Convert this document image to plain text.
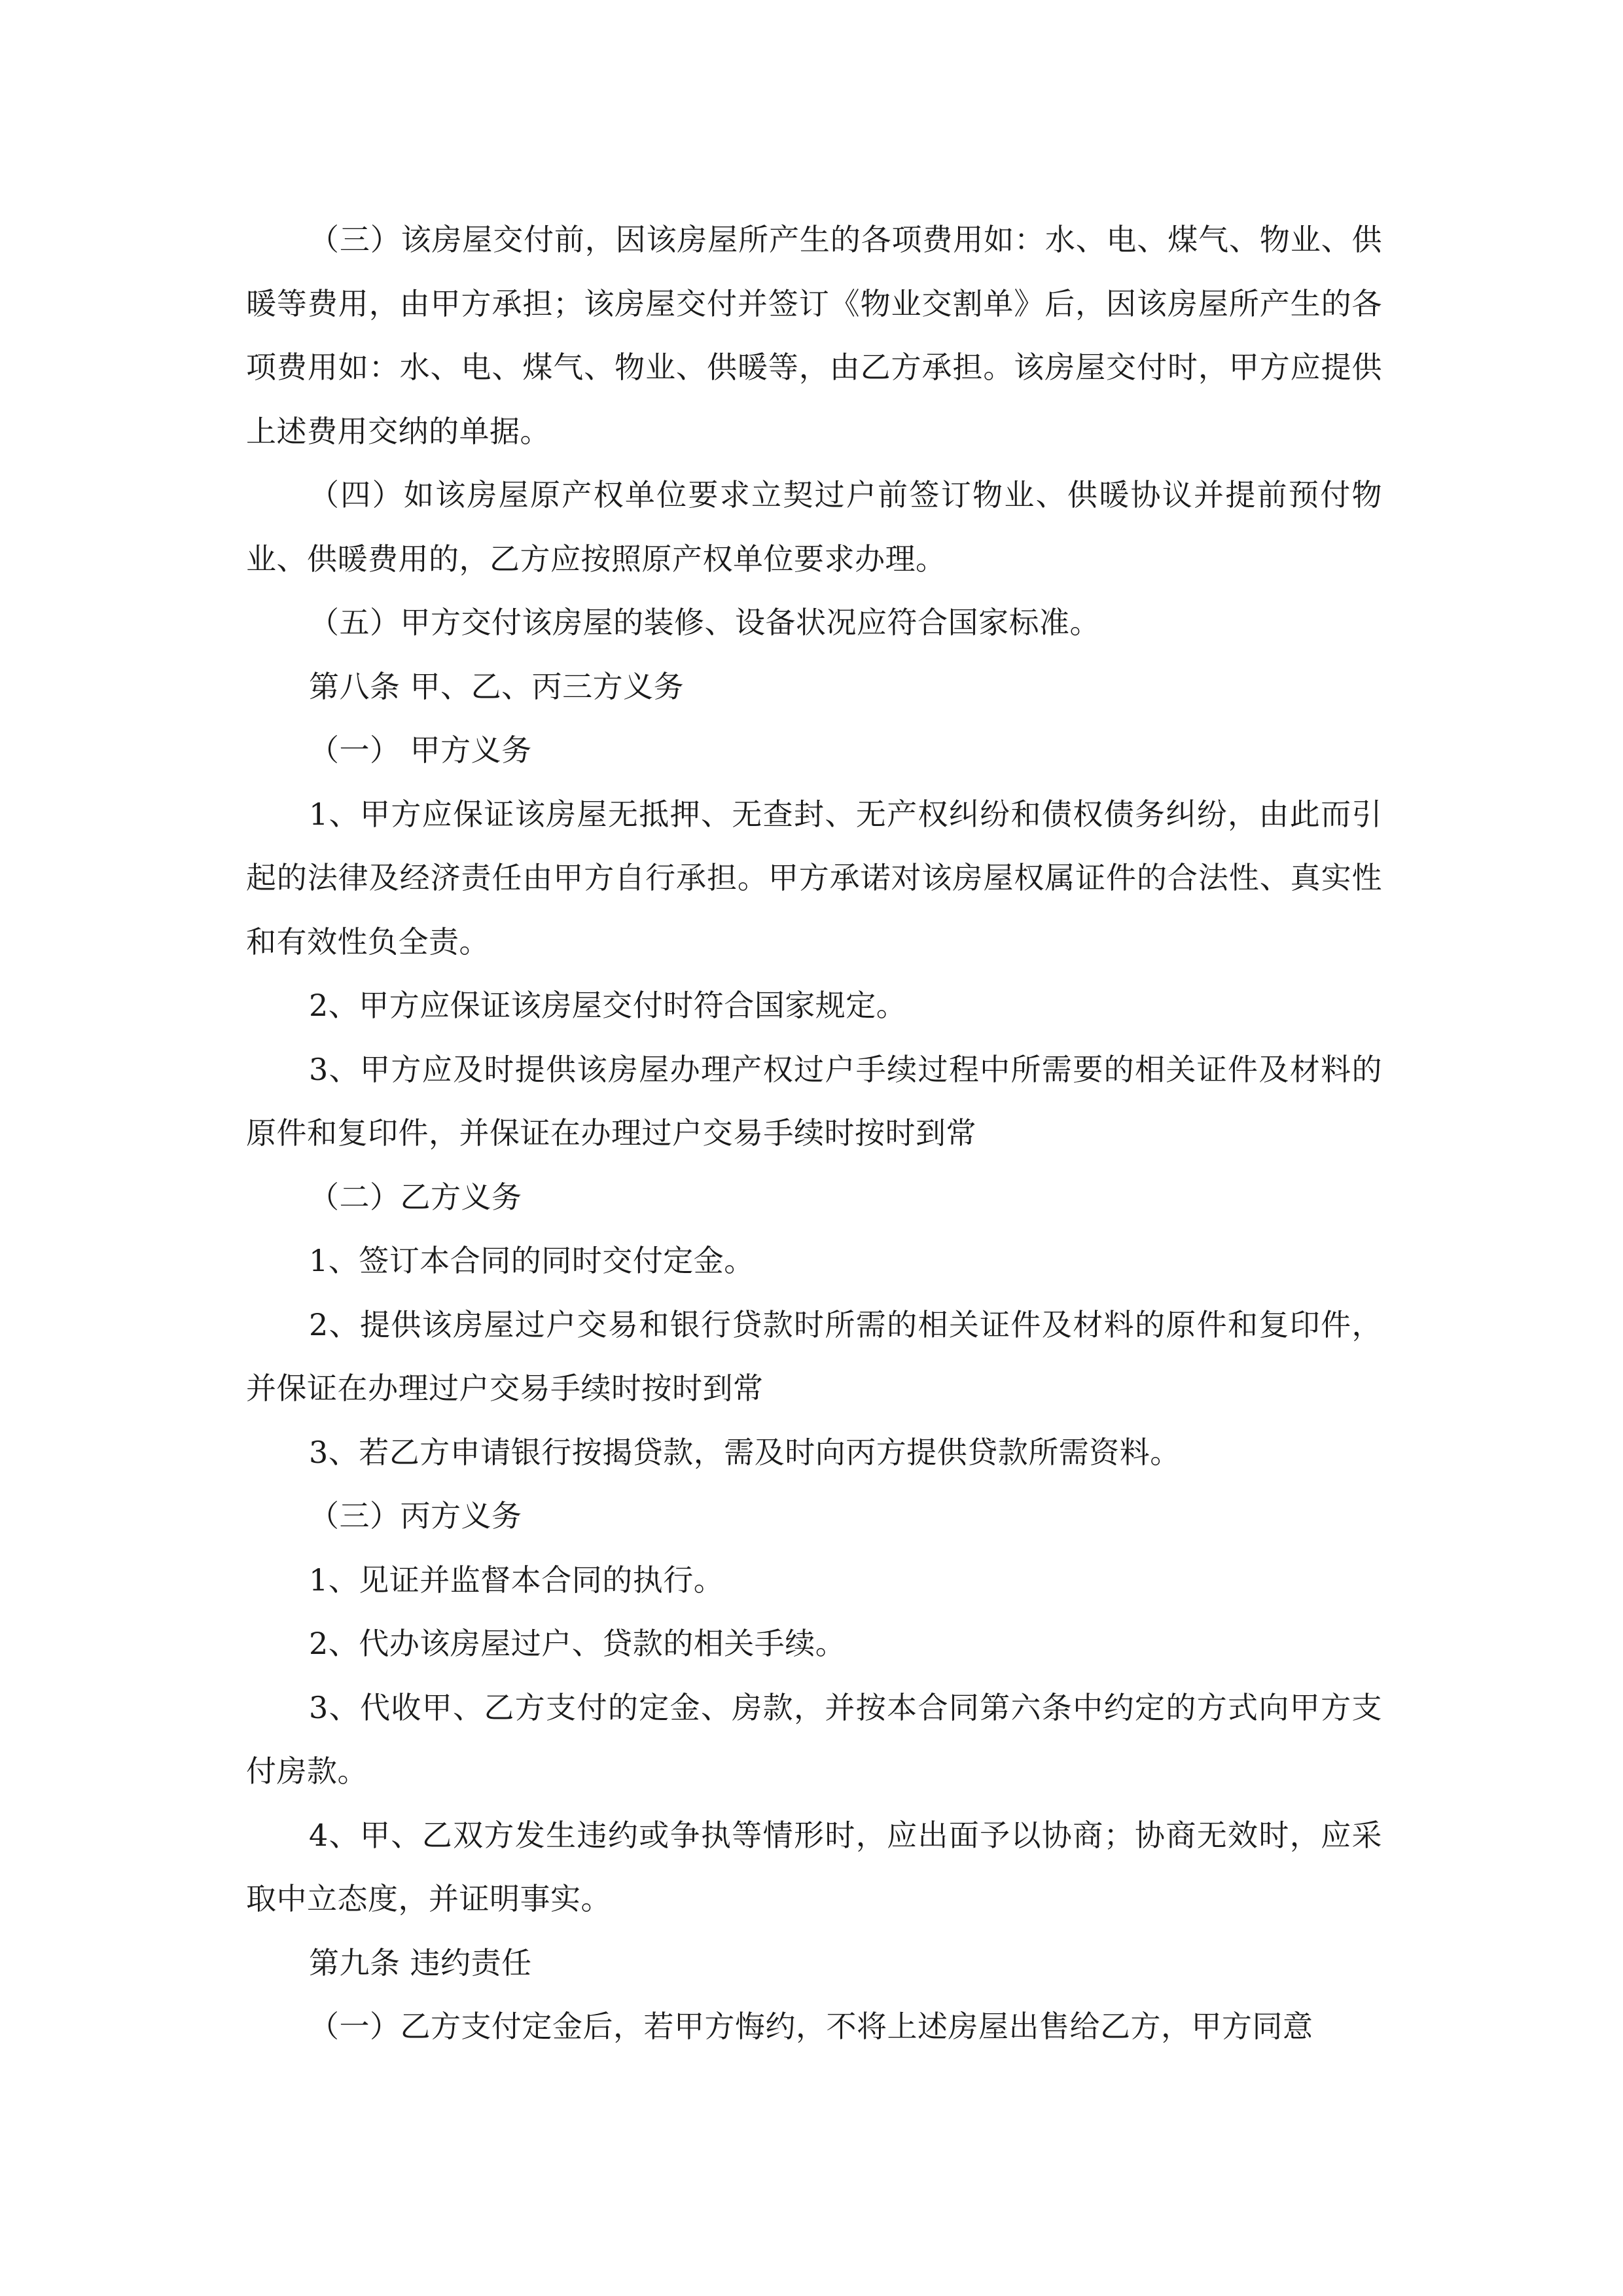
（三）该房屋交付前，因该房屋所产生的各项费用如：水、电、煤气、物业、供暖等费用，由甲方承担；该房屋交付并签订《物业交割单》后，因该房屋所产生的各项费用如：水、电、煤气、物业、供暖等，由乙方承担。该房屋交付时，甲方应提供上述费用交纳的单据。

（四）如该房屋原产权单位要求立契过户前签订物业、供暖协议并提前预付物业、供暖费用的，乙方应按照原产权单位要求办理。

（五）甲方交付该房屋的装修、设备状况应符合国家标准。

第八条 甲、乙、丙三方义务

（一） 甲方义务

1、甲方应保证该房屋无抵押、无查封、无产权纠纷和债权债务纠纷，由此而引起的法律及经济责任由甲方自行承担。甲方承诺对该房屋权属证件的合法性、真实性和有效性负全责。

2、甲方应保证该房屋交付时符合国家规定。

3、甲方应及时提供该房屋办理产权过户手续过程中所需要的相关证件及材料的原件和复印件，并保证在办理过户交易手续时按时到常

（二）乙方义务

1、签订本合同的同时交付定金。

2、提供该房屋过户交易和银行贷款时所需的相关证件及材料的原件和复印件，并保证在办理过户交易手续时按时到常

3、若乙方申请银行按揭贷款，需及时向丙方提供贷款所需资料。

（三）丙方义务

1、见证并监督本合同的执行。

2、代办该房屋过户、贷款的相关手续。

3、代收甲、乙方支付的定金、房款，并按本合同第六条中约定的方式向甲方支付房款。

4、甲、乙双方发生违约或争执等情形时，应出面予以协商；协商无效时，应采取中立态度，并证明事实。

第九条 违约责任

（一）乙方支付定金后，若甲方悔约，不将上述房屋出售给乙方，甲方同意
